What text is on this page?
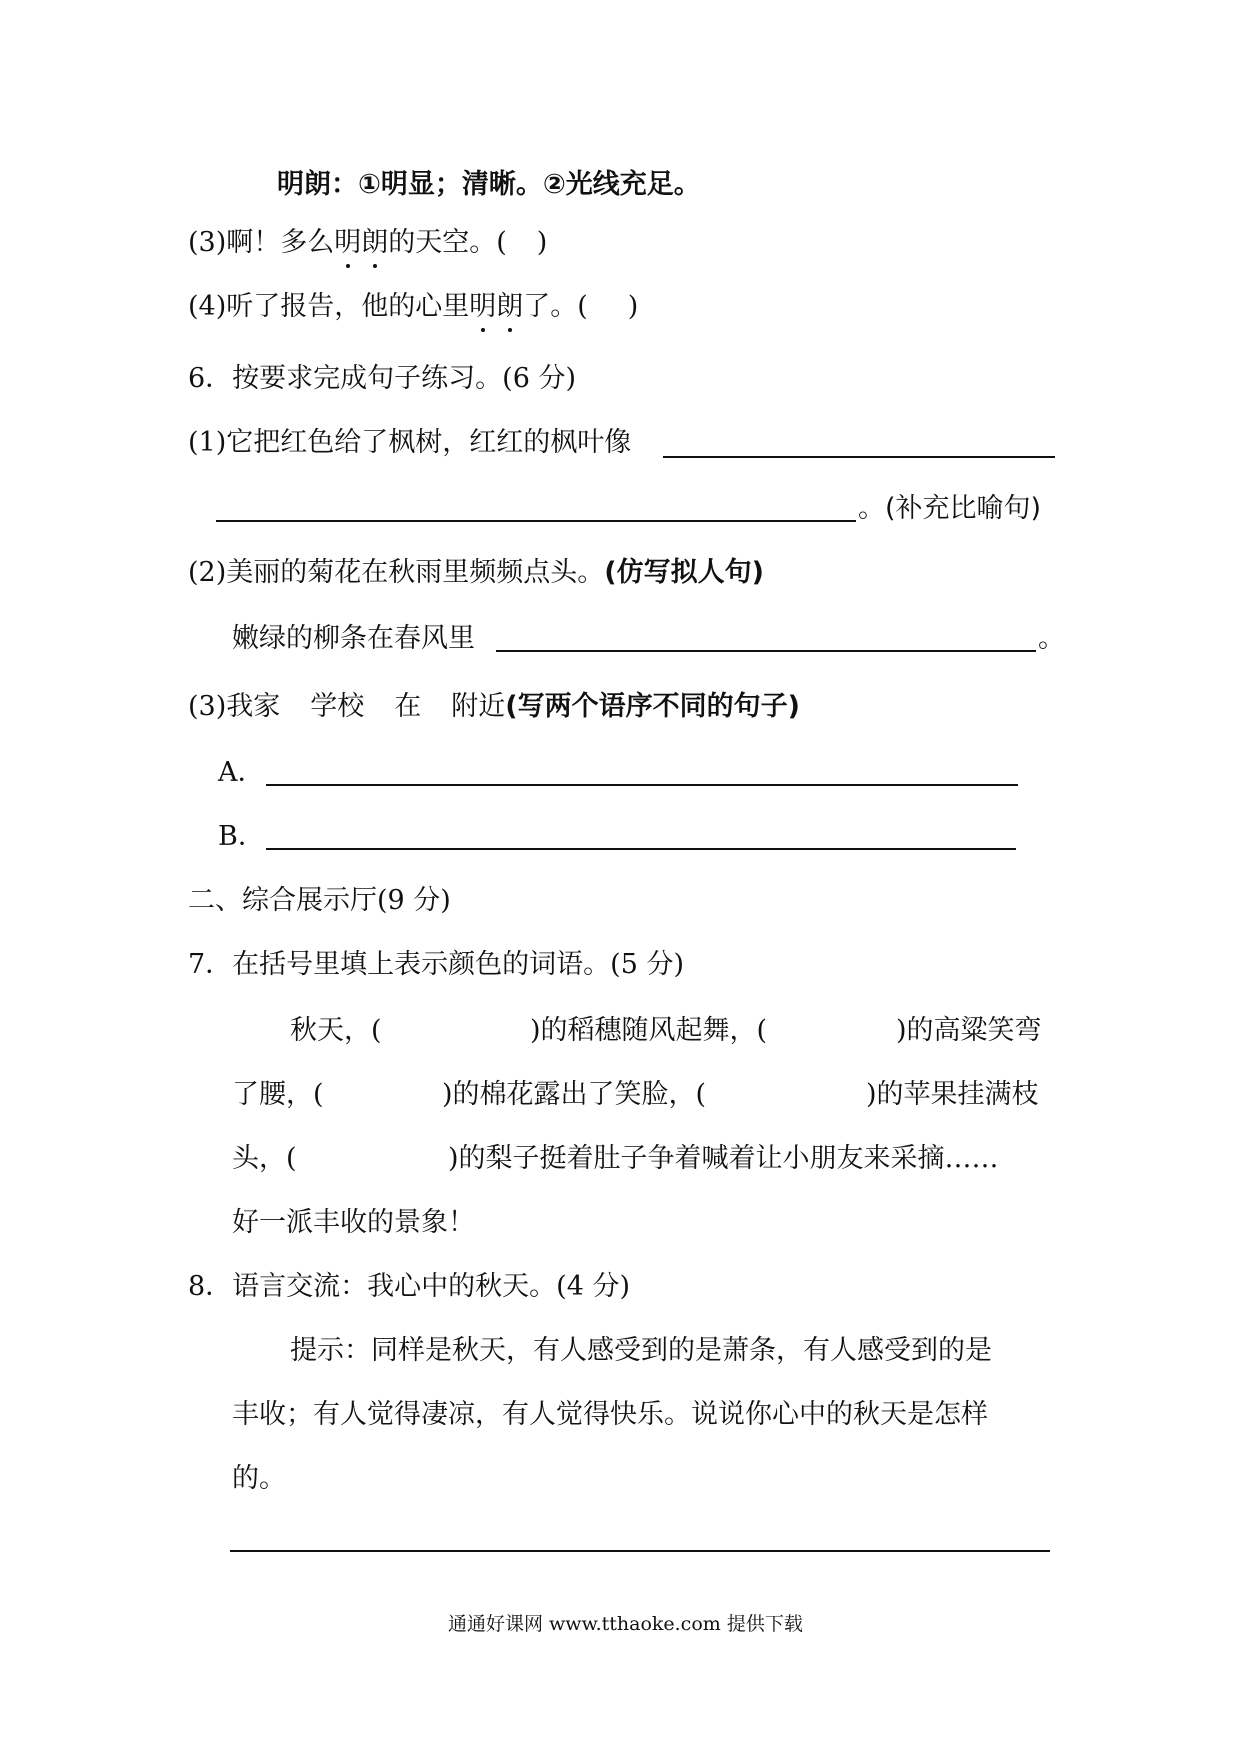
明朗：①明显；清晰。②光线充足。
(3)啊！多么明朗的天空。( )
(4)听了报告，他的心里明朗了。( )
6．按要求完成句子练习。(6 分)
(1)它把红色给了枫树，红红的枫叶像
。(补充比喻句)
(2)美丽的菊花在秋雨里频频点头。(仿写拟人句)
嫩绿的柳条在春风里	。
(3)我家 学校 在 附近(写两个语序不同的句子)
A．
B．
二、综合展示厅(9 分)
7．在括号里填上表示颜色的词语。(5 分)
秋天，(	)的稻穗随风起舞，(	)的高粱笑弯
了腰，(	)的棉花露出了笑脸，(	)的苹果挂满枝
头，(	)的梨子挺着肚子争着喊着让小朋友来采摘……
好一派丰收的景象！
8．语言交流：我心中的秋天。(4 分)
提示：同样是秋天，有人感受到的是萧条，有人感受到的是
丰收；有人觉得凄凉，有人觉得快乐。说说你心中的秋天是怎样
的。
通通好课网 www.tthaoke.com 提供下载
